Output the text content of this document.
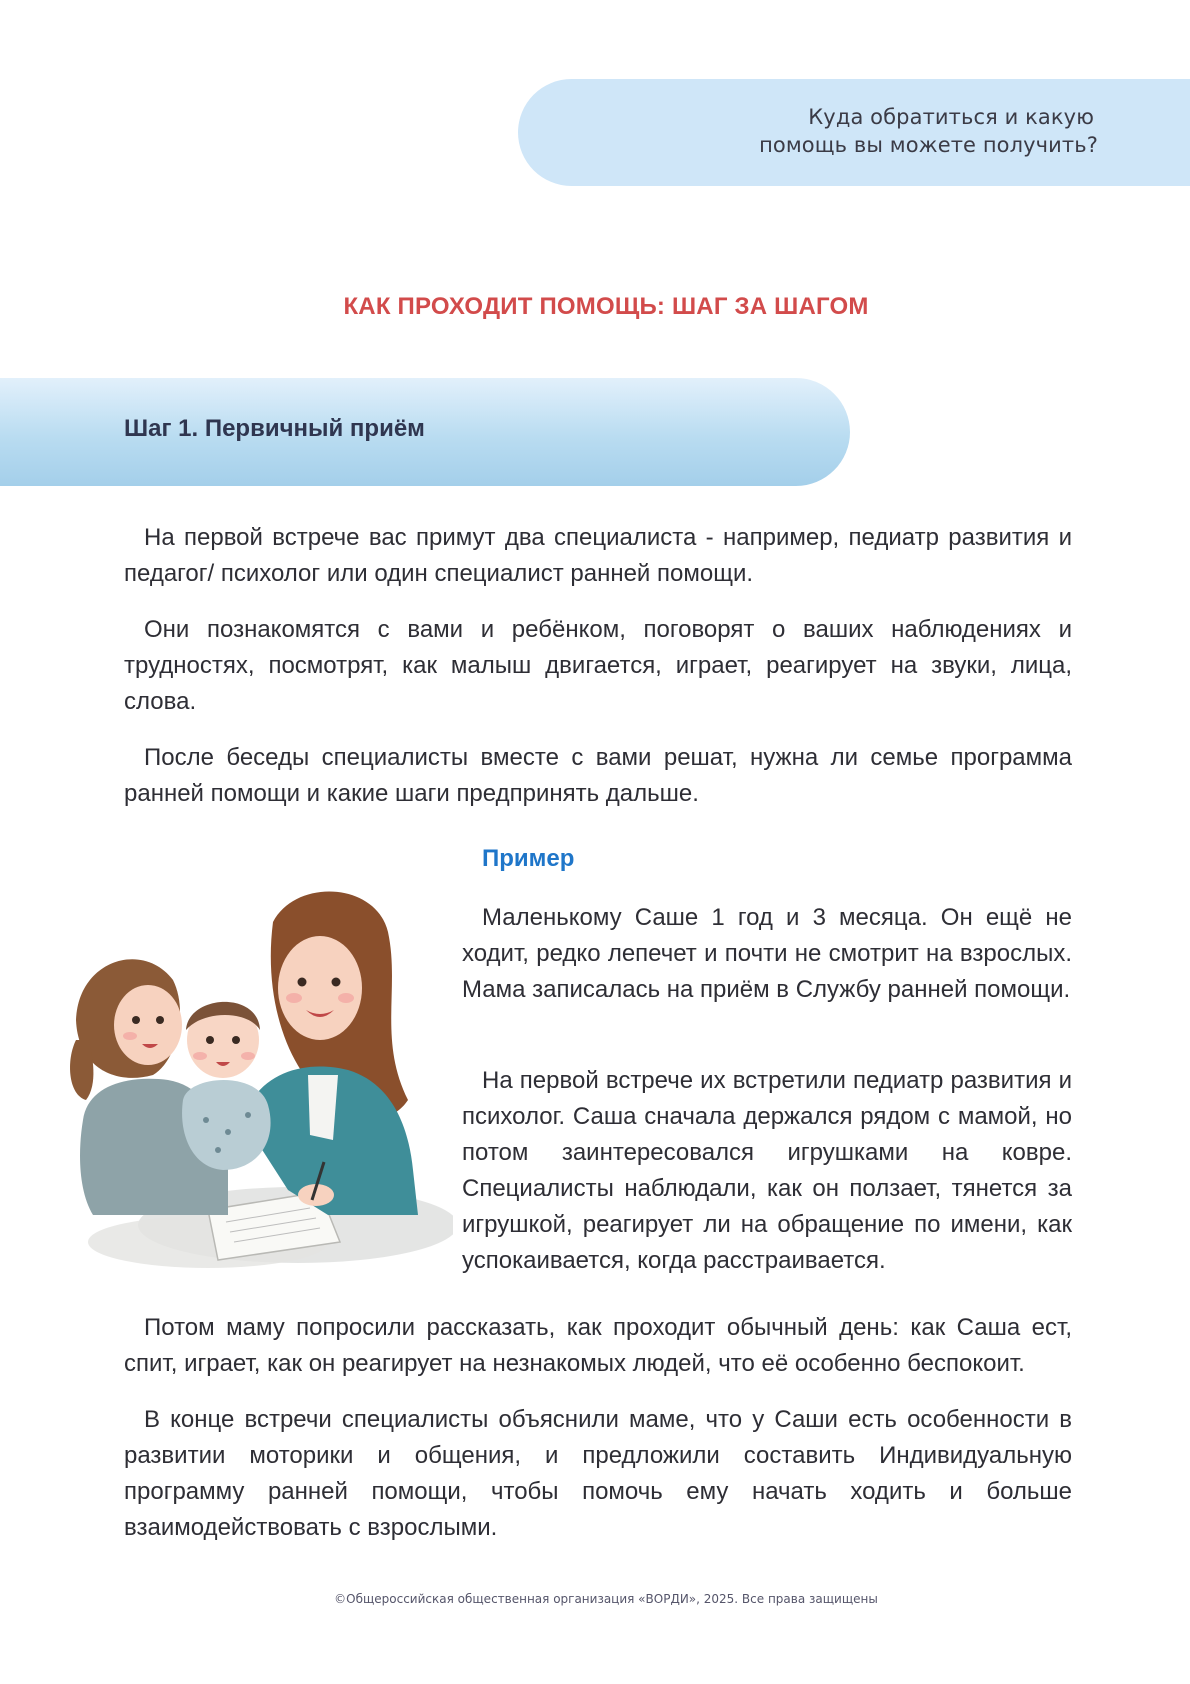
Куда обратиться и какую
помощь вы можете получить?
КАК ПРОХОДИТ ПОМОЩЬ: ШАГ ЗА ШАГОМ
Шаг 1. Первичный приём

На первой встрече вас примут два специалиста - например, педиатр развития и педагог/ психолог или один специалист ранней помощи.

Они познакомятся с вами и ребёнком, поговорят о ваших наблюдениях и трудностях, посмотрят, как малыш двигается, играет, реагирует на звуки, лица, слова.

После беседы специалисты вместе с вами решат, нужна ли семье программа ранней помощи и какие шаги предпринять дальше.

Пример

Маленькому Саше 1 год и 3 месяца. Он ещё не ходит, редко лепечет и почти не смотрит на взрослых. Мама записалась на приём в Службу ранней помощи.

На первой встрече их встретили педиатр развития и психолог. Саша сначала держался рядом с мамой, но потом заинтересовался игрушками на ковре. Специалисты наблюдали, как он ползает, тянется за игрушкой, реагирует ли на обращение по имени, как успокаивается, когда расстраивается.

Потом маму попросили рассказать, как проходит обычный день: как Саша ест, спит, играет, как он реагирует на незнакомых людей, что её особенно беспокоит.

В конце встречи специалисты объяснили маме, что у Саши есть особенности в развитии моторики и общения, и предложили составить Индивидуальную программу ранней помощи, чтобы помочь ему начать ходить и больше взаимодействовать с взрослыми.

©Общероссийская общественная организация «ВОРДИ», 2025. Все права защищены
